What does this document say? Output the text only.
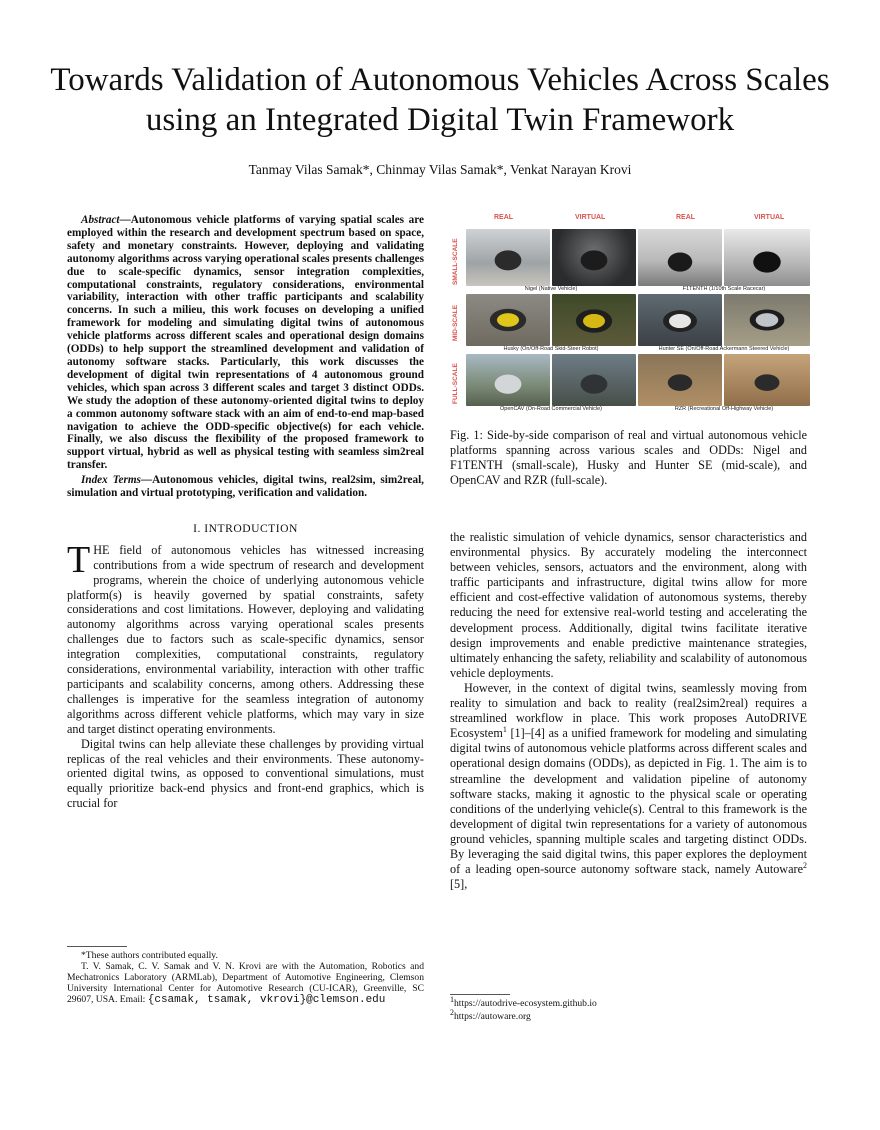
Towards Validation of Autonomous Vehicles Across Scales using an Integrated Digital Twin Framework
Tanmay Vilas Samak*, Chinmay Vilas Samak*, Venkat Narayan Krovi

Abstract—Autonomous vehicle platforms of varying spatial scales are employed within the research and development spectrum based on space, safety and monetary constraints. However, deploying and validating autonomy algorithms across varying operational scales presents challenges due to scale-specific dynamics, sensor integration complexities, computational constraints, regulatory considerations, environmental variability, interaction with other traffic participants and scalability concerns. In such a milieu, this work focuses on developing a unified framework for modeling and simulating digital twins of autonomous vehicle platforms across different scales and operational design domains (ODDs) to help support the streamlined development and validation of autonomy software stacks. Particularly, this work discusses the development of digital twin representations of 4 autonomous ground vehicles, which span across 3 different scales and target 3 distinct ODDs. We study the adoption of these autonomy-oriented digital twins to deploy a common autonomy software stack with an aim of end-to-end map-based navigation to achieve the ODD-specific objective(s) for each vehicle. Finally, we also discuss the flexibility of the proposed framework to support virtual, hybrid as well as physical testing with seamless sim2real transfer.

Index Terms—Autonomous vehicles, digital twins, real2sim, sim2real, simulation and virtual prototyping, verification and validation.

I. INTRODUCTION

THE field of autonomous vehicles has witnessed increasing contributions from a wide spectrum of research and development programs, wherein the choice of underlying autonomous vehicle platform(s) is heavily governed by spatial constraints, safety considerations and cost limitations. However, deploying and validating autonomy algorithms across varying operational scales presents challenges due to factors such as scale-specific dynamics, sensor integration complexities, computational constraints, regulatory considerations, environmental variability, interaction with other traffic participants and scalability concerns, among others. Addressing these challenges is imperative for the seamless integration of autonomy algorithms across different vehicle platforms, which may vary in size and target distinct operating environments.

Digital twins can help alleviate these challenges by providing virtual replicas of the real vehicles and their environments. These autonomy-oriented digital twins, as opposed to conventional simulations, must equally prioritize back-end physics and front-end graphics, which is crucial for

*These authors contributed equally.
T. V. Samak, C. V. Samak and V. N. Krovi are with the Automation, Robotics and Mechatronics Laboratory (ARMLab), Department of Automotive Engineering, Clemson University International Center for Automotive Research (CU-ICAR), Greenville, SC 29607, USA. Email: {csamak, tsamak, vkrovi}@clemson.edu
REAL	VIRTUAL	REAL	VIRTUAL
SMALL-SCALE
MID-SCALE
FULL-SCALE
Nigel (Native Vehicle)	F1TENTH (1/10th Scale Racecar)
Husky (On/Off-Road Skid-Steer Robot)	Hunter SE (On/Off-Road Ackermann Steered Vehicle)
OpenCAV (On-Road Commercial Vehicle)	RZR (Recreational Off-Highway Vehicle)
Fig. 1: Side-by-side comparison of real and virtual autonomous vehicle platforms spanning across various scales and ODDs: Nigel and F1TENTH (small-scale), Husky and Hunter SE (mid-scale), and OpenCAV and RZR (full-scale).

the realistic simulation of vehicle dynamics, sensor characteristics and environmental physics. By accurately modeling the interconnect between vehicles, sensors, actuators and the environment, along with traffic participants and infrastructure, digital twins allow for more efficient and cost-effective validation of autonomous systems, thereby reducing the need for extensive real-world testing and accelerating the development process. Additionally, digital twins facilitate iterative design improvements and enable predictive maintenance strategies, ultimately enhancing the safety, reliability and scalability of autonomous vehicle deployments.

However, in the context of digital twins, seamlessly moving from reality to simulation and back to reality (real2sim2real) requires a streamlined workflow in place. This work proposes AutoDRIVE Ecosystem$^1$ [1]–[4] as a unified framework for modeling and simulating digital twins of autonomous vehicle platforms across different scales and operational design domains (ODDs), as depicted in Fig. 1. The aim is to streamline the development and validation pipeline of autonomy software stacks, making it agnostic to the physical scale or operating conditions of the underlying vehicle(s). Central to this framework is the development of digital twin representations for a variety of autonomous ground vehicles, spanning multiple scales and targeting distinct ODDs. By leveraging the said digital twins, this paper explores the deployment of a leading open-source autonomy software stack, namely Autoware$^2$ [5],

$^1$https://autodrive-ecosystem.github.io
$^2$https://autoware.org
